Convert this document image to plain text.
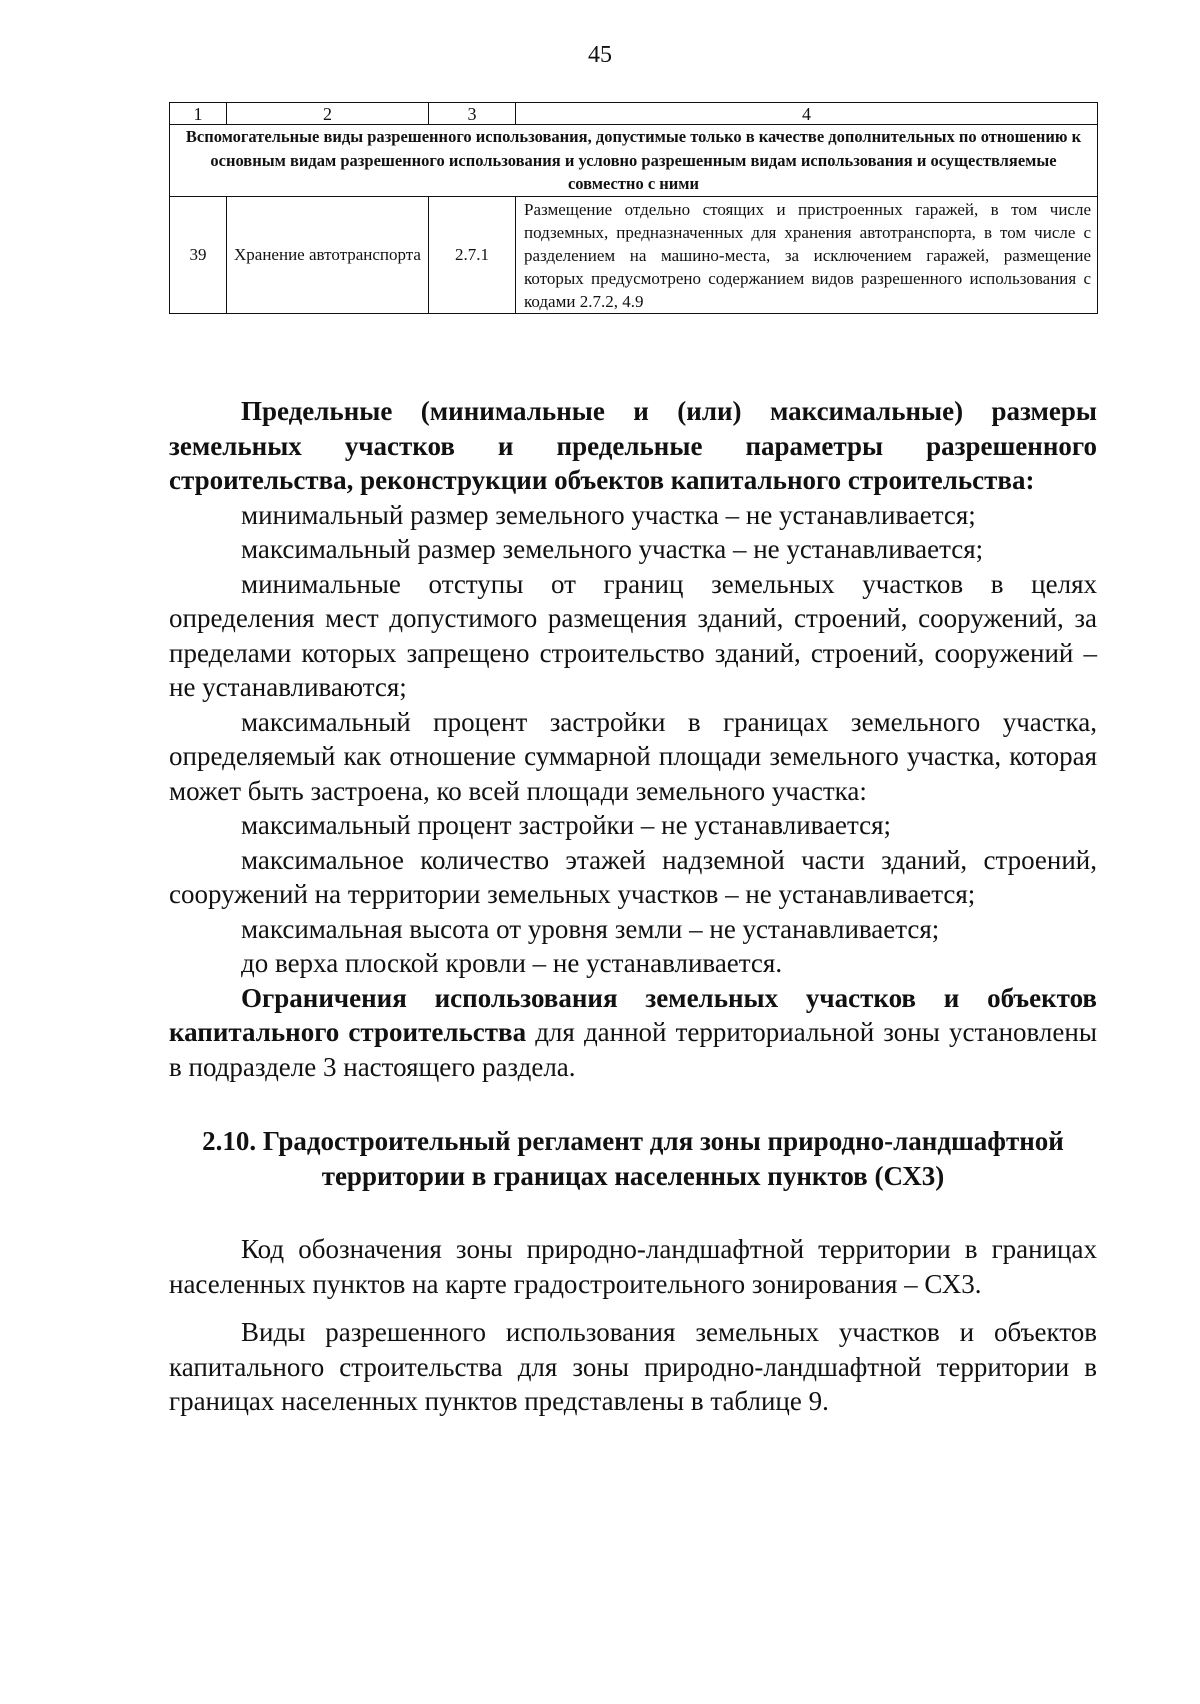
45
1	2	3	4
Вспомогательные виды разрешенного использования, допустимые только в качестве дополнительных по отношению к основным видам разрешенного использования и условно разрешенным видам использования и осуществляемые совместно с ними			
39	Хранение автотранспорта	2.7.1	Размещение отдельно стоящих и пристроенных гаражей, в том числе подземных, предназначенных для хранения автотранспорта, в том числе с разделением на машино-места, за исключением гаражей, размещение которых предусмотрено содержанием видов разрешенного использования с кодами 2.7.2, 4.9

Предельные (минимальные и (или) максимальные) размеры земельных участков и предельные параметры разрешенного строительства, реконструкции объектов капитального строительства:

минимальный размер земельного участка – не устанавливается;

максимальный размер земельного участка – не устанавливается;

минимальные отступы от границ земельных участков в целях определения мест допустимого размещения зданий, строений, сооружений, за пределами которых запрещено строительство зданий, строений, сооружений – не устанавливаются;

максимальный процент застройки в границах земельного участка, определяемый как отношение суммарной площади земельного участка, которая может быть застроена, ко всей площади земельного участка:

максимальный процент застройки – не устанавливается;

максимальное количество этажей надземной части зданий, строений, сооружений на территории земельных участков – не устанавливается;

максимальная высота от уровня земли – не устанавливается;

до верха плоской кровли – не устанавливается.

Ограничения использования земельных участков и объектов капитального строительства для данной территориальной зоны установлены в подразделе 3 настоящего раздела.

2.10. Градостроительный регламент для зоны природно-ландшафтной территории в границах населенных пунктов (СХ3)

Код обозначения зоны природно-ландшафтной территории в границах населенных пунктов на карте градостроительного зонирования – СХ3.

Виды разрешенного использования земельных участков и объектов капитального строительства для зоны природно-ландшафтной территории в границах населенных пунктов представлены в таблице 9.
